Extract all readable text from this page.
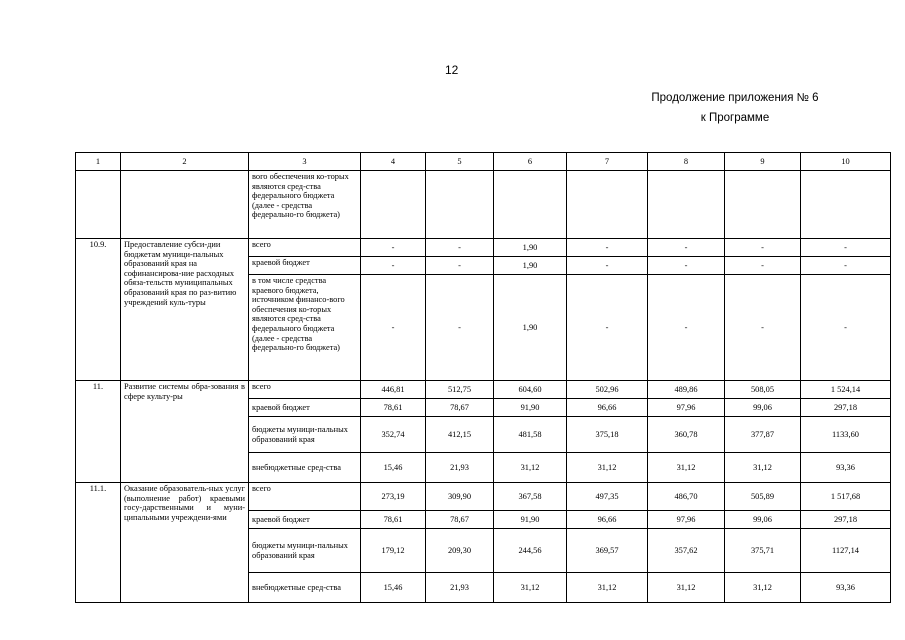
12
Продолжение приложения № 6
к Программе
1	2	3	4	5	6	7	8	9	10
		вого обеспечения ко-торых являются сред-ства федерального бюджета (далее - средства федерально-го бюджета)							
10.9.	Предоставление субси-дии бюджетам муници-пальных образований края на софинансирова-ние расходных обяза-тельств муниципальных образований края по раз-витию учреждений куль-туры	всего	-	-	1,90	-	-	-	-
		краевой бюджет	-	-	1,90	-	-	-	-
		в том числе средства краевого бюджета, источником финансо-вого обеспечения ко-торых являются сред-ства федерального бюджета (далее - средства федерально-го бюджета)	-	-	1,90	-	-	-	-
11.	Развитие системы обра-зования в сфере культу-ры	всего	446,81	512,75	604,60	502,96	489,86	508,05	1 524,14
		краевой бюджет	78,61	78,67	91,90	96,66	97,96	99,06	297,18
		бюджеты муници-пальных образований края	352,74	412,15	481,58	375,18	360,78	377,87	1133,60
		внебюджетные сред-ства	15,46	21,93	31,12	31,12	31,12	31,12	93,36
11.1.	Оказание образователь-ных услуг (выполнение работ) краевыми госу-дарственными и муни-ципальными учреждени-ями	всего	273,19	309,90	367,58	497,35	486,70	505,89	1 517,68
		краевой бюджет	78,61	78,67	91,90	96,66	97,96	99,06	297,18
		бюджеты муници-пальных образований края	179,12	209,30	244,56	369,57	357,62	375,71	1127,14
		внебюджетные сред-ства	15,46	21,93	31,12	31,12	31,12	31,12	93,36
